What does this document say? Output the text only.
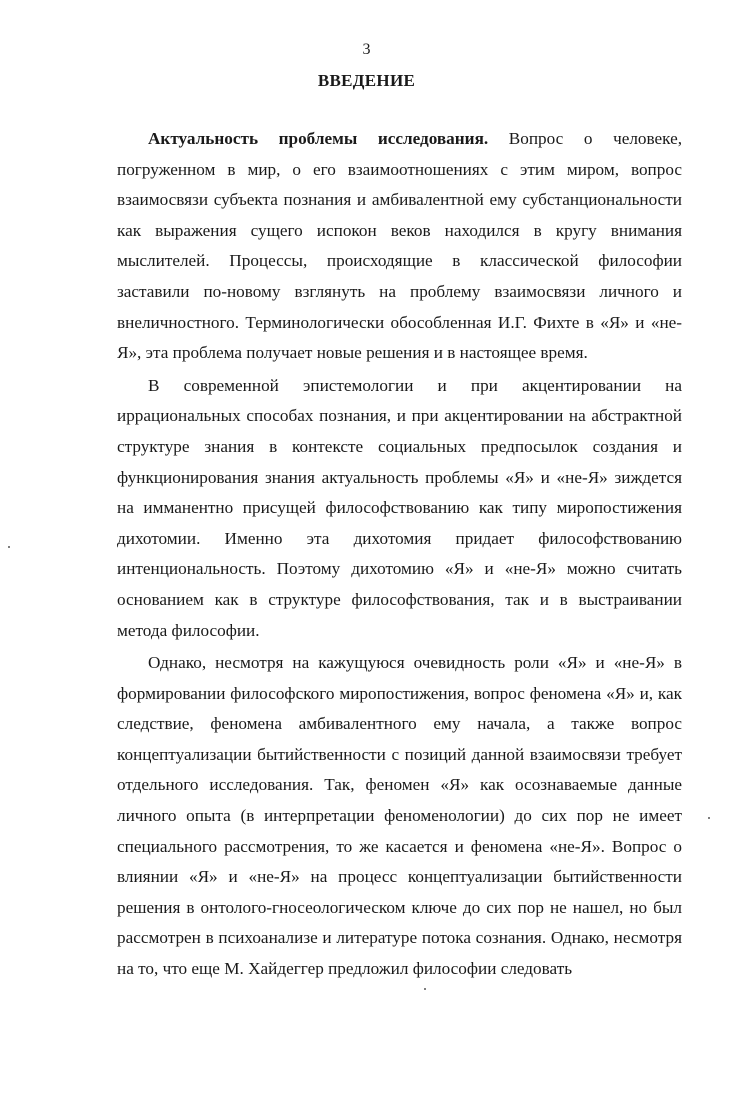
3
ВВЕДЕНИЕ

Актуальность проблемы исследования. Вопрос о человеке, погруженном в мир, о его взаимоотношениях с этим миром, вопрос взаимосвязи субъекта познания и амбивалентной ему субстанциональности как выражения сущего испокон веков находился в кругу внимания мыслителей. Процессы, происходящие в классической философии заставили по-новому взглянуть на проблему взаимосвязи личного и внеличностного. Терминологически обособленная И.Г. Фихте в «Я» и «не-Я», эта проблема получает новые решения и в настоящее время.

В современной эпистемологии и при акцентировании на иррациональных способах познания, и при акцентировании на абстрактной структуре знания в контексте социальных предпосылок создания и функционирования знания актуальность проблемы «Я» и «не-Я» зиждется на имманентно присущей философствованию как типу миропостижения дихотомии. Именно эта дихотомия придает философствованию интенциональность. Поэтому дихотомию «Я» и «не-Я» можно считать основанием как в структуре философствования, так и в выстраивании метода философии.

Однако, несмотря на кажущуюся очевидность роли «Я» и «не-Я» в формировании философского миропостижения, вопрос феномена «Я» и, как следствие, феномена амбивалентного ему начала, а также вопрос концептуализации бытийственности с позиций данной взаимосвязи требует отдельного исследования. Так, феномен «Я» как осознаваемые данные личного опыта (в интерпретации феноменологии) до сих пор не имеет специального рассмотрения, то же касается и феномена «не-Я». Вопрос о влиянии «Я» и «не-Я» на процесс концептуализации бытийственности решения в онтолого-гносеологическом ключе до сих пор не нашел, но был рассмотрен в психоанализе и литературе потока сознания. Однако, несмотря на то, что еще М. Хайдеггер предложил философии следовать
